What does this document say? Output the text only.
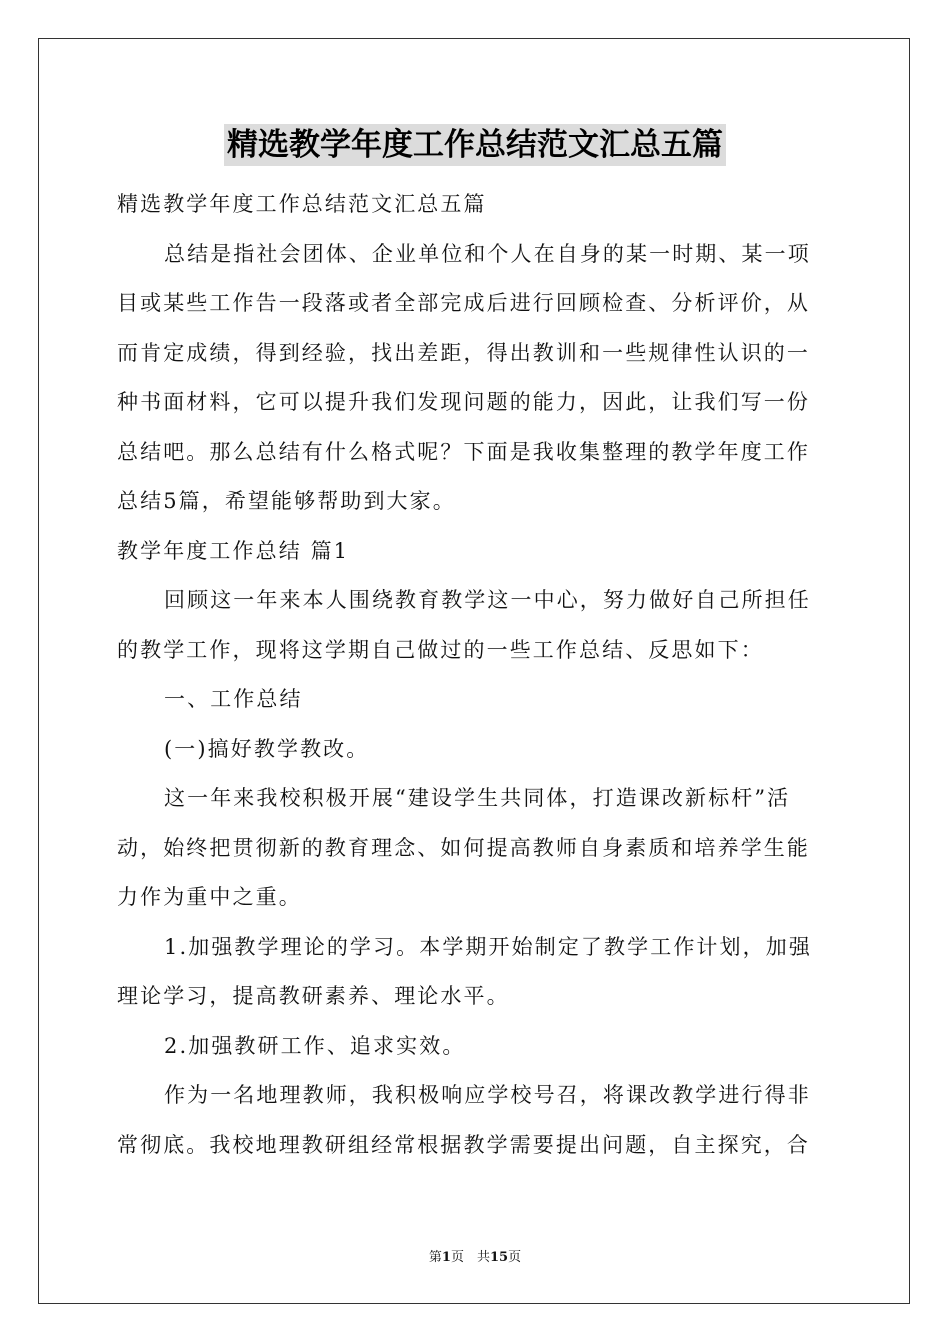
精选教学年度工作总结范文汇总五篇
精选教学年度工作总结范文汇总五篇
总结是指社会团体、企业单位和个人在自身的某一时期、某一项
目或某些工作告一段落或者全部完成后进行回顾检查、分析评价，从
而肯定成绩，得到经验，找出差距，得出教训和一些规律性认识的一
种书面材料，它可以提升我们发现问题的能力，因此，让我们写一份
总结吧。那么总结有什么格式呢？下面是我收集整理的教学年度工作
总结5篇，希望能够帮助到大家。
教学年度工作总结 篇1
回顾这一年来本人围绕教育教学这一中心，努力做好自己所担任
的教学工作，现将这学期自己做过的一些工作总结、反思如下：
一、工作总结
(一)搞好教学教改。
这一年来我校积极开展“建设学生共同体，打造课改新标杆”活
动，始终把贯彻新的教育理念、如何提高教师自身素质和培养学生能
力作为重中之重。
1.加强教学理论的学习。本学期开始制定了教学工作计划，加强
理论学习，提高教研素养、理论水平。
2.加强教研工作、追求实效。
作为一名地理教师，我积极响应学校号召，将课改教学进行得非
常彻底。我校地理教研组经常根据教学需要提出问题，自主探究，合
第1页　共15页
